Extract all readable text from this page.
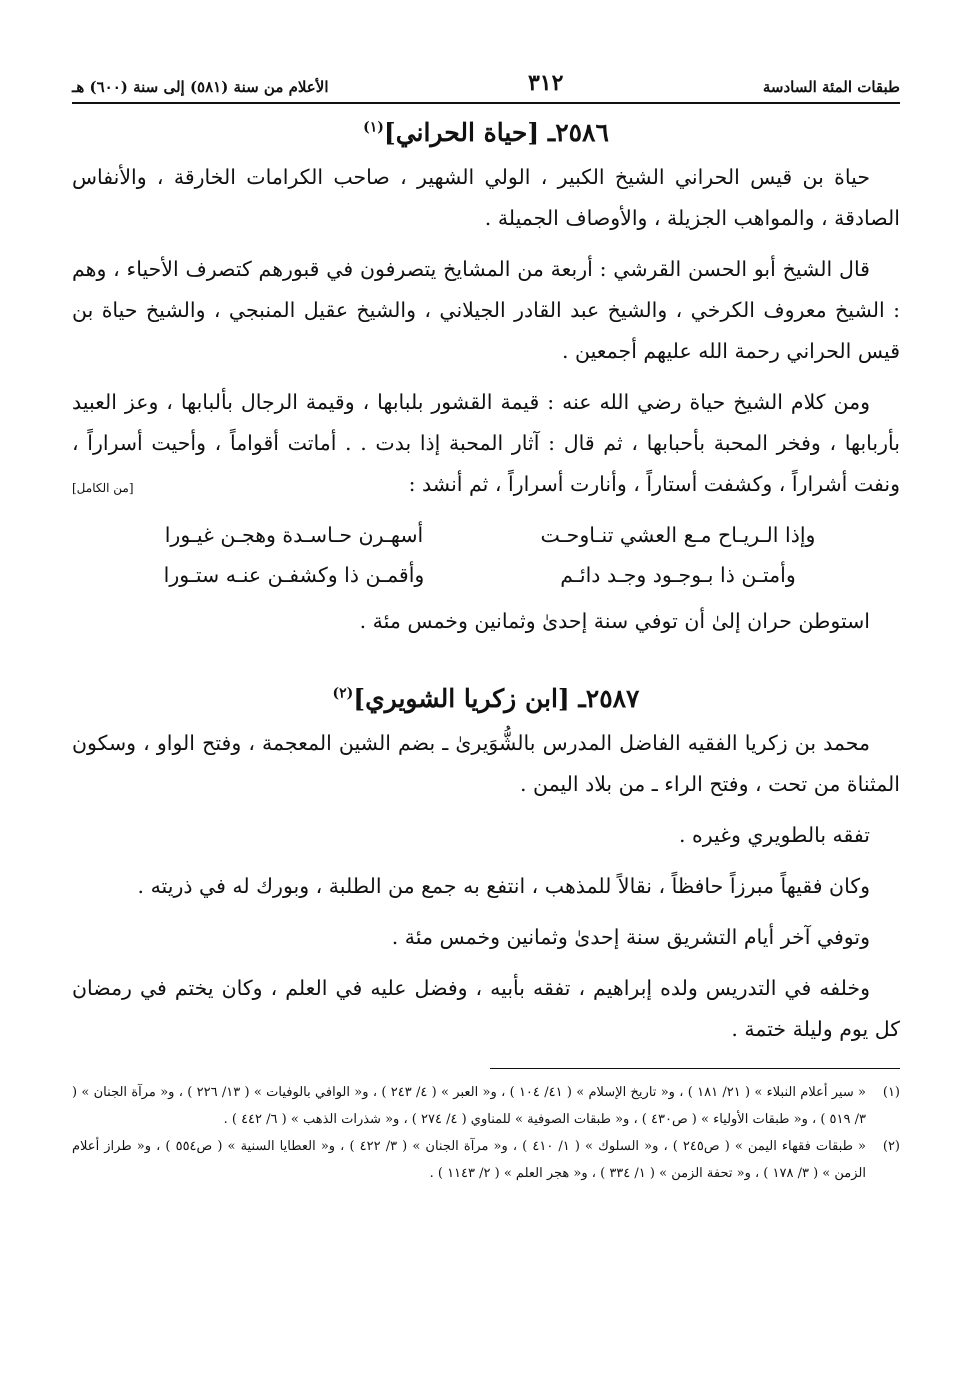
طبقات المئة السادسة
٣١٢
الأعلام من سنة (٥٨١) إلى سنة (٦٠٠) هـ
٢٥٨٦ـ [حياة الحراني]$^{(١)}$

حياة بن قيس الحراني الشيخ الكبير ، الولي الشهير ، صاحب الكرامات الخارقة ، والأنفاس الصادقة ، والمواهب الجزيلة ، والأوصاف الجميلة .

قال الشيخ أبو الحسن القرشي : أربعة من المشايخ يتصرفون في قبورهم كتصرف الأحياء ، وهم : الشيخ معروف الكرخي ، والشيخ عبد القادر الجيلاني ، والشيخ عقيل المنبجي ، والشيخ حياة بن قيس الحراني رحمة الله عليهم أجمعين .

ومن كلام الشيخ حياة رضي الله عنه : قيمة القشور بلبابها ، وقيمة الرجال بألبابها ، وعز العبيد بأربابها ، وفخر المحبة بأحبابها ، ثم قال : آثار المحبة إذا بدت . . أماتت أقواماً ، وأحيت أسراراً ، ونفت أشراراً ، وكشفت أستاراً ، وأنارت أسراراً ، ثم أنشد :
[من الكامل]

وإذا الـريـاح مـع العشي تنـاوحـت
أسهـرن حـاسـدة وهجـن غيـورا
وأمتـن ذا بـوجـود وجـد دائـم
وأقمـن ذا وكشفـن عنـه ستـورا

استوطن حران إلىٰ أن توفي سنة إحدىٰ وثمانين وخمس مئة .

٢٥٨٧ـ [ابن زكريا الشويري]$^{(٢)}$

محمد بن زكريا الفقيه الفاضل المدرس بالشُّوَيرىٰ ـ بضم الشين المعجمة ، وفتح الواو ، وسكون المثناة من تحت ، وفتح الراء ـ من بلاد اليمن .

تفقه بالطويري وغيره .

وكان فقيهاً مبرزاً حافظاً ، نقالاً للمذهب ، انتفع به جمع من الطلبة ، وبورك له في ذريته .

وتوفي آخر أيام التشريق سنة إحدىٰ وثمانين وخمس مئة .

وخلفه في التدريس ولده إبراهيم ، تفقه بأبيه ، وفضل عليه في العلم ، وكان يختم في رمضان كل يوم وليلة ختمة .

(١)
« سير أعلام النبلاء » ( ٢١/ ١٨١ ) ، و« تاريخ الإسلام » ( ٤١/ ١٠٤ ) ، و« العبر » ( ٤/ ٢٤٣ ) ، و« الوافي بالوفيات » ( ١٣/ ٢٢٦ ) ، و« مرآة الجنان » ( ٣/ ٥١٩ ) ، و« طبقات الأولياء » ( ص٤٣٠ ) ، و« طبقات الصوفية » للمناوي ( ٤/ ٢٧٤ ) ، و« شذرات الذهب » ( ٦/ ٤٤٢ ) .
(٢)
« طبقات فقهاء اليمن » ( ص٢٤٥ ) ، و« السلوك » ( ١/ ٤١٠ ) ، و« مرآة الجنان » ( ٣/ ٤٢٢ ) ، و« العطايا السنية » ( ص٥٥٤ ) ، و« طراز أعلام الزمن » ( ٣/ ١٧٨ ) ، و« تحفة الزمن » ( ١/ ٣٣٤ ) ، و« هجر العلم » ( ٢/ ١١٤٣ ) .
